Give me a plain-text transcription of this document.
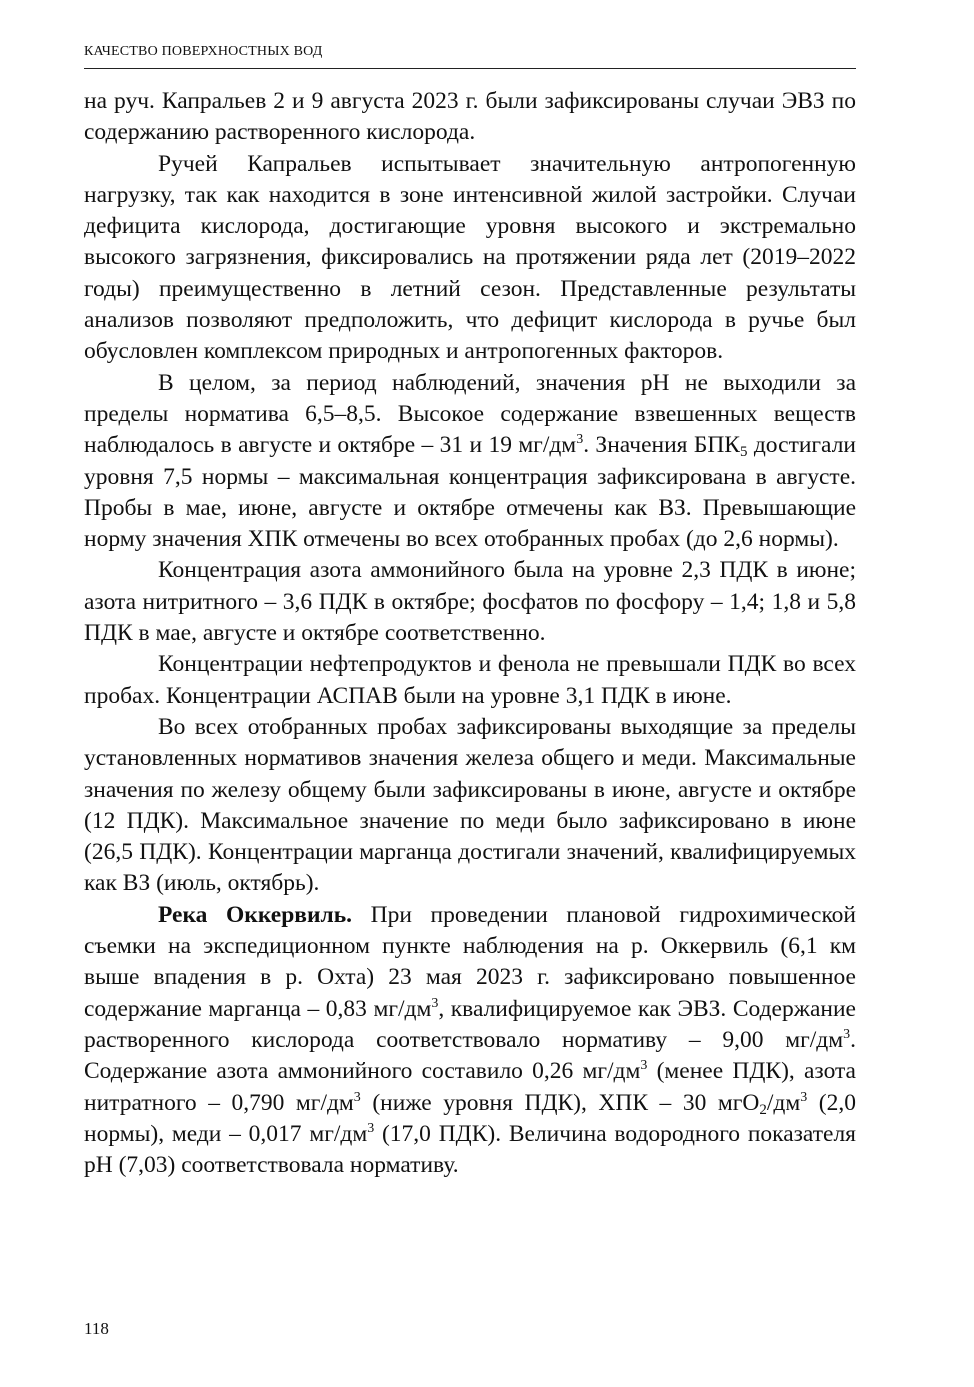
КАЧЕСТВО ПОВЕРХНОСТНЫХ ВОД

на руч. Капральев 2 и 9 августа 2023 г. были зафиксированы случаи ЭВЗ по содержанию растворенного кислорода.

Ручей Капральев испытывает значительную антропогенную нагрузку, так как находится в зоне интенсивной жилой застройки. Случаи дефицита кислорода, достигающие уровня высокого и экстремально высокого загрязнения, фиксировались на протяжении ряда лет (2019–2022 годы) преимущественно в летний сезон. Представленные результаты анализов позволяют предположить, что дефицит кислорода в ручье был обусловлен комплексом природных и антропогенных факторов.

В целом, за период наблюдений, значения pH не выходили за пределы норматива 6,5–8,5. Высокое содержание взвешенных веществ наблюдалось в августе и октябре – 31 и 19 $мг/дм^3$. Значения $БПК_5$ достигали уровня 7,5 нормы – максимальная концентрация зафиксирована в августе. Пробы в мае, июне, августе и октябре отмечены как ВЗ. Превышающие норму значения ХПК отмечены во всех отобранных пробах (до 2,6 нормы).

Концентрация азота аммонийного была на уровне 2,3 ПДК в июне; азота нитритного – 3,6 ПДК в октябре; фосфатов по фосфору – 1,4; 1,8 и 5,8 ПДК в мае, августе и октябре соответственно.

Концентрации нефтепродуктов и фенола не превышали ПДК во всех пробах. Концентрации АСПАВ были на уровне 3,1 ПДК в июне.

Во всех отобранных пробах зафиксированы выходящие за пределы установленных нормативов значения железа общего и меди. Максимальные значения по железу общему были зафиксированы в июне, августе и октябре (12 ПДК). Максимальное значение по меди было зафиксировано в июне (26,5 ПДК). Концентрации марганца достигали значений, квалифицируемых как ВЗ (июль, октябрь).

Река Оккервиль. При проведении плановой гидрохимической съемки на экспедиционном пункте наблюдения на р. Оккервиль (6,1 км выше впадения в р. Охта) 23 мая 2023 г. зафиксировано повышенное содержание марганца – 0,83 $мг/дм^3$, квалифицируемое как ЭВЗ. Содержание растворенного кислорода соответствовало нормативу – 9,00 $мг/дм^3$. Содержание азота аммонийного составило 0,26 $мг/дм^3$ (менее ПДК), азота нитратного – 0,790 $мг/дм^3$ (ниже уровня ПДК), ХПК – 30 $мгО_2/дм^3$ (2,0 нормы), меди – 0,017 $мг/дм^3$ (17,0 ПДК). Величина водородного показателя pH (7,03) соответствовала нормативу.

118
